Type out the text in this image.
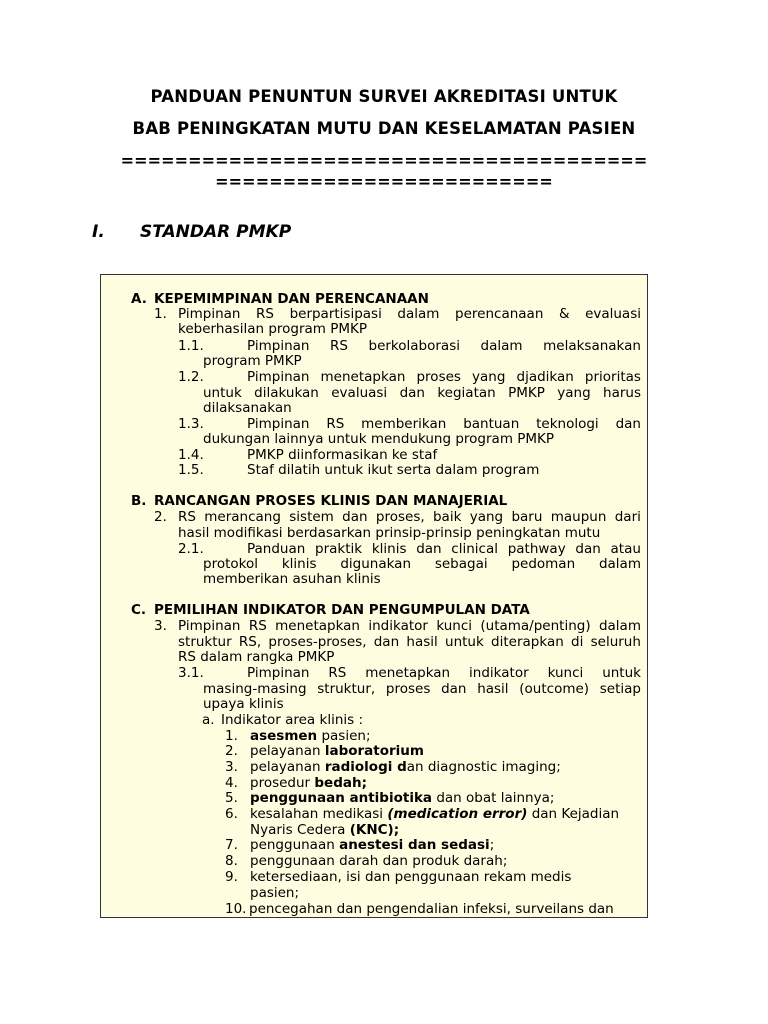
PANDUAN PENUNTUN SURVEI AKREDITASI UNTUK
BAB PENINGKATAN MUTU DAN KESELAMATAN PASIEN
=======================================
=========================
I. STANDAR PMKP
A. KEPEMIMPINAN DAN PERENCANAAN
1. Pimpinan RS berpartisipasi dalam perencanaan & evaluasi
keberhasilan program PMKP
1.1.	Pimpinan RS berkolaborasi dalam melaksanakan
program PMKP
1.2.	Pimpinan menetapkan proses yang djadikan prioritas
untuk dilakukan evaluasi dan kegiatan PMKP yang harus
dilaksanakan
1.3.	Pimpinan RS memberikan bantuan teknologi dan
dukungan lainnya untuk mendukung program PMKP
1.4.	PMKP diinformasikan ke staf
1.5.	Staf dilatih untuk ikut serta dalam program
B. RANCANGAN PROSES KLINIS DAN MANAJERIAL
2. RS merancang sistem dan proses, baik yang baru maupun dari
hasil modifikasi berdasarkan prinsip-prinsip peningkatan mutu
2.1.	Panduan praktik klinis dan clinical pathway dan atau
protokol klinis digunakan sebagai pedoman dalam
memberikan asuhan klinis
C. PEMILIHAN INDIKATOR DAN PENGUMPULAN DATA
3. Pimpinan RS menetapkan indikator kunci (utama/penting) dalam
struktur RS, proses-proses, dan hasil untuk diterapkan di seluruh
RS dalam rangka PMKP
3.1.	Pimpinan RS menetapkan indikator kunci untuk
masing-masing struktur, proses dan hasil (outcome) setiap
upaya klinis
a. Indikator area klinis :
1. asesmen pasien;
2. pelayanan laboratorium
3. pelayanan radiologi dan diagnostic imaging;
4. prosedur bedah;
5. penggunaan antibiotika dan obat lainnya;
6. kesalahan medikasi (medication error) dan Kejadian
Nyaris Cedera (KNC);
7. penggunaan anestesi dan sedasi;
8. penggunaan darah dan produk darah;
9. ketersediaan, isi dan penggunaan rekam medis
pasien;
10. pencegahan dan pengendalian infeksi, surveilans dan
